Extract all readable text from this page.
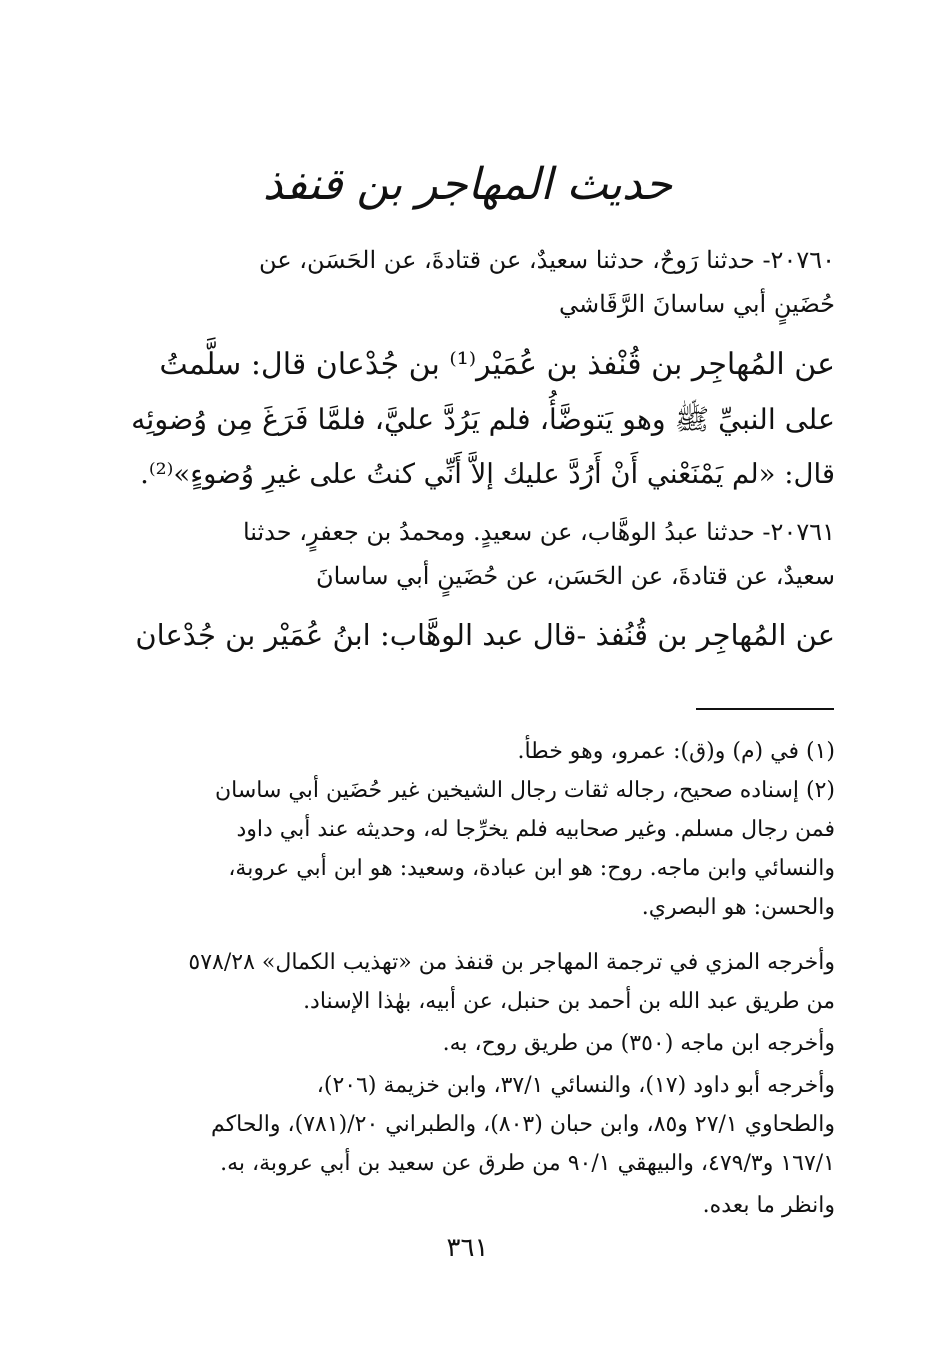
حديث المهاجر بن قنفذ
٢٠٧٦٠- حدثنا رَوحٌ، حدثنا سعيدٌ، عن قتادةَ، عن الحَسَن، عن
حُضَينٍ أبي ساسانَ الرَّقَاشي
عن المُهاجِر بن قُنْفذ بن عُمَيْر⁽¹⁾ بن جُدْعان قال: سلَّمتُ
على النبيِّ ﷺ وهو يَتوضَّأُ، فلم يَرُدَّ عليَّ، فلمَّا فَرَغَ مِن وُضوئِه
قال: «لم يَمْنَعْني أَنْ أَرُدَّ عليك إلاَّ أَنِّي كنتُ على غيرِ وُضوءٍ»⁽²⁾.
٢٠٧٦١- حدثنا عبدُ الوهَّاب، عن سعيدٍ. ومحمدُ بن جعفرٍ، حدثنا
سعيدٌ، عن قتادةَ، عن الحَسَن، عن حُضَينٍ أبي ساسانَ
عن المُهاجِر بن قُنُفذ -قال عبد الوهَّاب: ابنُ عُمَيْر بن جُدْعان
(١) في (م) و(ق): عمرو، وهو خطأ.
(٢) إسناده صحيح، رجاله ثقات رجال الشيخين غير حُضَين أبي ساسان
فمن رجال مسلم. وغير صحابيه فلم يخرِّجا له، وحديثه عند أبي داود
والنسائي وابن ماجه. روح: هو ابن عبادة، وسعيد: هو ابن أبي عروبة،
والحسن: هو البصري.
وأخرجه المزي في ترجمة المهاجر بن قنفذ من «تهذيب الكمال» ٥٧٨/٢٨
من طريق عبد الله بن أحمد بن حنبل، عن أبيه، بهٰذا الإسناد.
وأخرجه ابن ماجه (٣٥٠) من طريق روح، به.
وأخرجه أبو داود (١٧)، والنسائي ٣٧/١، وابن خزيمة (٢٠٦)،
والطحاوي ٢٧/١ و٨٥، وابن حبان (٨٠٣)، والطبراني ٢٠/(٧٨١)، والحاكم
١٦٧/١ و٤٧٩/٣، والبيهقي ٩٠/١ من طرق عن سعيد بن أبي عروبة، به.
وانظر ما بعده.
٣٦١
